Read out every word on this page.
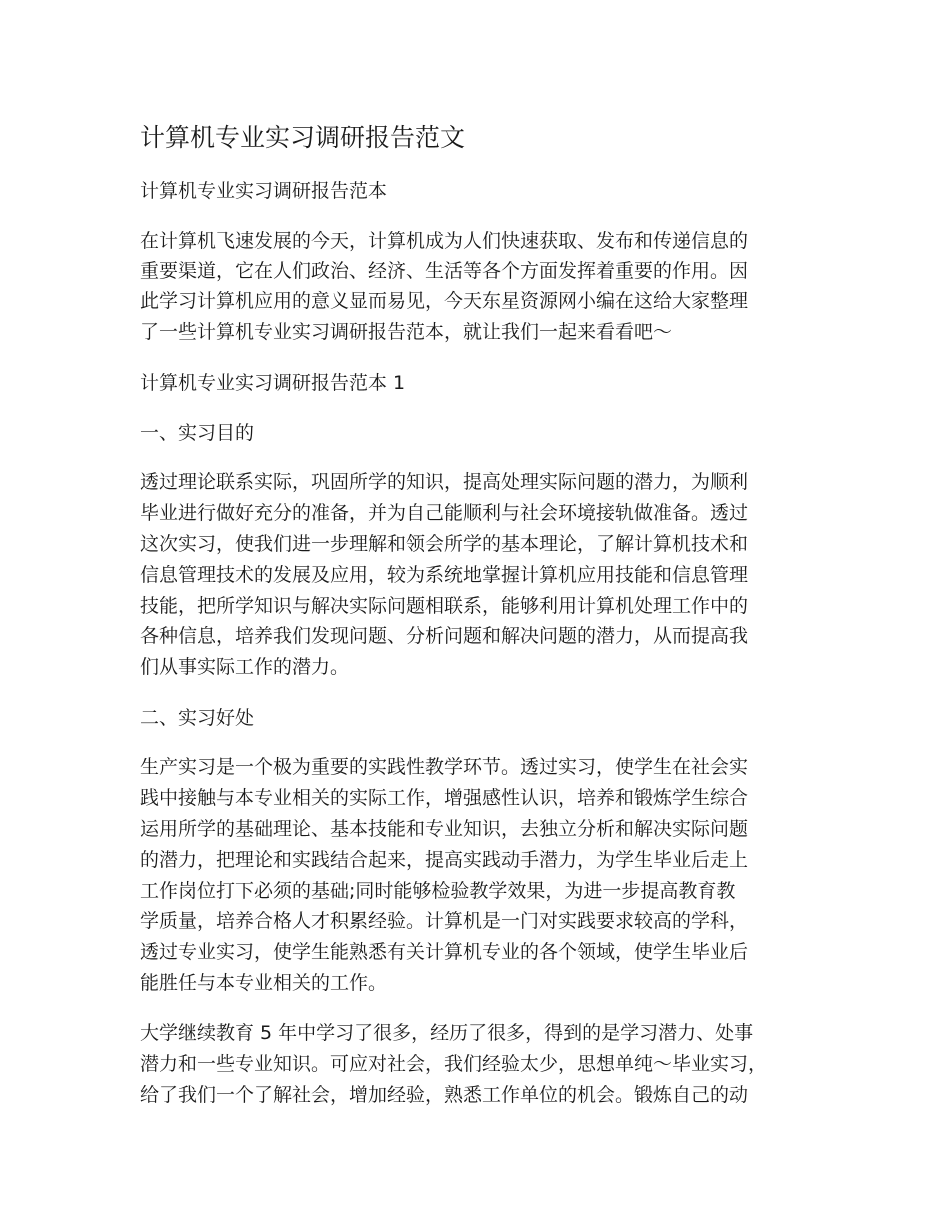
计算机专业实习调研报告范文

计算机专业实习调研报告范本

在计算机飞速发展的今天，计算机成为人们快速获取、发布和传递信息的

重要渠道，它在人们政治、经济、生活等各个方面发挥着重要的作用。因

此学习计算机应用的意义显而易见，今天东星资源网小编在这给大家整理

了一些计算机专业实习调研报告范本，就让我们一起来看看吧～

计算机专业实习调研报告范本 1

一、实习目的

透过理论联系实际，巩固所学的知识，提高处理实际问题的潜力，为顺利

毕业进行做好充分的准备，并为自己能顺利与社会环境接轨做准备。透过

这次实习，使我们进一步理解和领会所学的基本理论，了解计算机技术和

信息管理技术的发展及应用，较为系统地掌握计算机应用技能和信息管理

技能，把所学知识与解决实际问题相联系，能够利用计算机处理工作中的

各种信息，培养我们发现问题、分析问题和解决问题的潜力，从而提高我

们从事实际工作的潜力。

二、实习好处

生产实习是一个极为重要的实践性教学环节。透过实习，使学生在社会实

践中接触与本专业相关的实际工作，增强感性认识，培养和锻炼学生综合

运用所学的基础理论、基本技能和专业知识，去独立分析和解决实际问题

的潜力，把理论和实践结合起来，提高实践动手潜力，为学生毕业后走上

工作岗位打下必须的基础;同时能够检验教学效果，为进一步提高教育教

学质量，培养合格人才积累经验。计算机是一门对实践要求较高的学科，

透过专业实习，使学生能熟悉有关计算机专业的各个领域，使学生毕业后

能胜任与本专业相关的工作。

大学继续教育 5 年中学习了很多，经历了很多，得到的是学习潜力、处事

潜力和一些专业知识。可应对社会，我们经验太少，思想单纯～毕业实习，

给了我们一个了解社会，增加经验，熟悉工作单位的机会。锻炼自己的动
